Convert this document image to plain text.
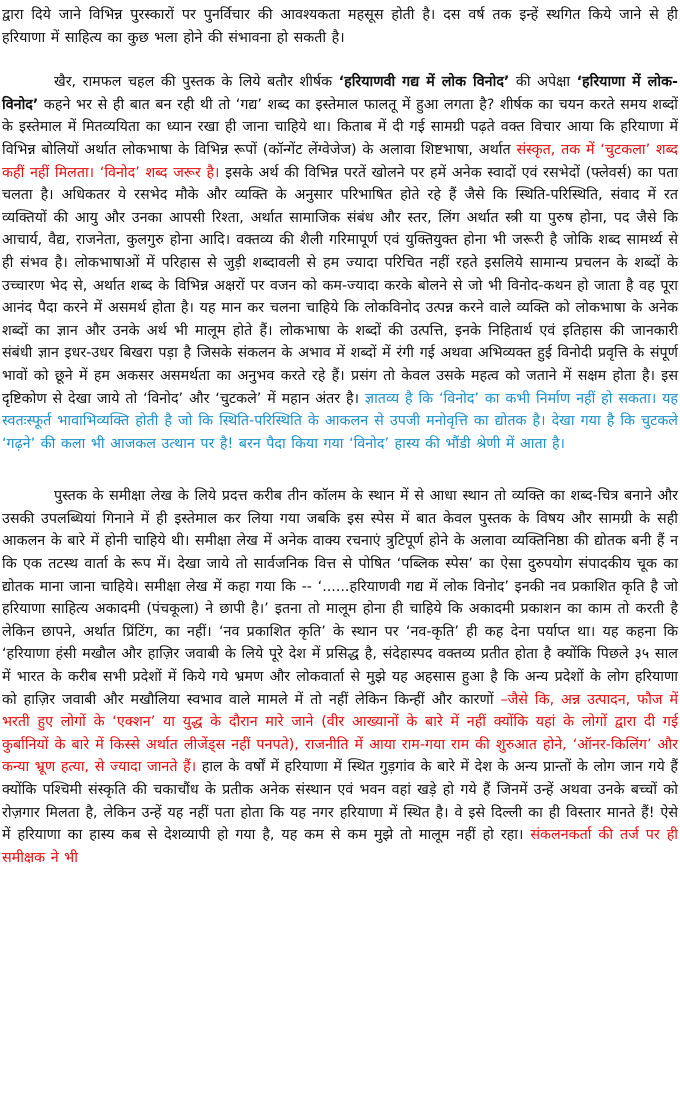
द्वारा दिये जाने विभिन्न पुरस्कारों पर पुनर्विचार की आवश्यकता महसूस होती है। दस वर्ष तक इन्हें स्थगित किये जाने से ही हरियाणा में साहित्य का कुछ भला होने की संभावना हो सकती है।

खैर, रामफल चहल की पुस्तक के लिये बतौर शीर्षक ‘हरियाणवी गद्य में लोक विनोद’ की अपेक्षा ‘हरियाणा में लोक-विनोद’ कहने भर से ही बात बन रही थी तो ‘गद्य’ शब्द का इस्तेमाल फालतू में हुआ लगता है? शीर्षक का चयन करते समय शब्दों के इस्तेमाल में मितव्ययिता का ध्यान रखा ही जाना चाहिये था। किताब में दी गई सामग्री पढ़ते वक्त विचार आया कि हरियाणा में विभिन्न बोलियों अर्थात लोकभाषा के विभिन्न रूपों (कॉन्गेंट लेंग्वेजेज) के अलावा शिष्टभाषा, अर्थात संस्कृत, तक में ‘चुटकला’ शब्द कहीं नहीं मिलता। ‘विनोद’ शब्द जरूर है। इसके अर्थ की विभिन्न परतें खोलने पर हमें अनेक स्वादों एवं रसभेदों (फ्लेवर्स) का पता चलता है। अधिकतर ये रसभेद मौके और व्यक्ति के अनुसार परिभाषित होते रहे हैं जैसे कि स्थिति-परिस्थिति, संवाद में रत व्यक्तियों की आयु और उनका आपसी रिश्ता, अर्थात सामाजिक संबंध और स्तर, लिंग अर्थात स्त्री या पुरुष होना, पद जैसे कि आचार्य, वैद्य, राजनेता, कुलगुरु होना आदि। वक्तव्य की शैली गरिमापूर्ण एवं युक्तियुक्त होना भी जरूरी है जोकि शब्द सामर्थ्य से ही संभव है। लोकभाषाओं में परिहास से जुड़ी शब्दावली से हम ज्यादा परिचित नहीं रहते इसलिये सामान्य प्रचलन के शब्दों के उच्चारण भेद से, अर्थात शब्द के विभिन्न अक्षरों पर वजन को कम-ज्यादा करके बोलने से जो भी विनोद-कथन हो जाता है वह पूरा आनंद पैदा करने में असमर्थ होता है। यह मान कर चलना चाहिये कि लोकविनोद उत्पन्न करने वाले व्यक्ति को लोकभाषा के अनेक शब्दों का ज्ञान और उनके अर्थ भी मालूम होते हैं। लोकभाषा के शब्दों की उत्पत्ति, इनके निहितार्थ एवं इतिहास की जानकारी संबंधी ज्ञान इधर-उधर बिखरा पड़ा है जिसके संकलन के अभाव में शब्दों में रंगी गई अथवा अभिव्यक्त हुई विनोदी प्रवृत्ति के संपूर्ण भावों को छूने में हम अकसर असमर्थता का अनुभव करते रहे हैं। प्रसंग तो केवल उसके महत्व को जताने में सक्षम होता है। इस दृष्टिकोण से देखा जाये तो ‘विनोद’ और ‘चुटकले’ में महान अंतर है। ज्ञातव्य है कि ‘विनोद’ का कभी निर्माण नहीं हो सकता। यह स्वतःस्फूर्त भावाभिव्यक्ति होती है जो कि स्थिति-परिस्थिति के आकलन से उपजी मनोवृत्ति का द्योतक है। देखा गया है कि चुटकले ‘गढ़ने’ की कला भी आजकल उत्थान पर है! बरन पैदा किया गया ‘विनोद’ हास्य की भौंडी श्रेणी में आता है।

पुस्तक के समीक्षा लेख के लिये प्रदत्त करीब तीन कॉलम के स्थान में से आधा स्थान तो व्यक्ति का शब्द-चित्र बनाने और उसकी उपलब्धियां गिनाने में ही इस्तेमाल कर लिया गया जबकि इस स्पेस में बात केवल पुस्तक के विषय और सामग्री के सही आकलन के बारे में होनी चाहिये थी। समीक्षा लेख में अनेक वाक्य रचनाएं त्रुटिपूर्ण होने के अलावा व्यक्तिनिष्ठा की द्योतक बनी हैं न कि एक तटस्थ वार्ता के रूप में। देखा जाये तो सार्वजनिक वित्त से पोषित ‘पब्लिक स्पेस’ का ऐसा दुरुपयोग संपादकीय चूक का द्योतक माना जाना चाहिये। समीक्षा लेख में कहा गया कि -- ‘......हरियाणवी गद्य में लोक विनोद’ इनकी नव प्रकाशित कृति है जो हरियाणा साहित्य अकादमी (पंचकूला) ने छापी है।’ इतना तो मालूम होना ही चाहिये कि अकादमी प्रकाशन का काम तो करती है लेकिन छापने, अर्थात प्रिंटिंग, का नहीं। ‘नव प्रकाशित कृति’ के स्थान पर ‘नव-कृति’ ही कह देना पर्याप्त था। यह कहना कि ‘हरियाणा हंसी मखौल और हाज़िर जवाबी के लिये पूरे देश में प्रसिद्ध है, संदेहास्पद वक्तव्य प्रतीत होता है क्योंकि पिछले ३५ साल में भारत के करीब सभी प्रदेशों में किये गये भ्रमण और लोकवार्ता से मुझे यह अहसास हुआ है कि अन्य प्रदेशों के लोग हरियाणा को हाज़िर जवाबी और मखौलिया स्वभाव वाले मामले में तो नहीं लेकिन किन्हीं और कारणों –जैसे कि, अन्न उत्पादन, फौज में भरती हुए लोगों के ‘एक्शन’ या युद्ध के दौरान मारे जाने (वीर आख्यानों के बारे में नहीं क्योंकि यहां के लोगों द्वारा दी गई कुर्बानियों के बारे में किस्से अर्थात लीजेंड्स नहीं पनपते), राजनीति में आया राम-गया राम की शुरुआत होने, ‘ऑनर-किलिंग’ और कन्या भ्रूण हत्या, से ज्यादा जानते हैं। हाल के वर्षों में हरियाणा में स्थित गुड़गांव के बारे में देश के अन्य प्रान्तों के लोग जान गये हैं क्योंकि पश्चिमी संस्कृति की चकाचौंध के प्रतीक अनेक संस्थान एवं भवन वहां खड़े हो गये हैं जिनमें उन्हें अथवा उनके बच्चों को रोज़गार मिलता है, लेकिन उन्हें यह नहीं पता होता कि यह नगर हरियाणा में स्थित है। वे इसे दिल्ली का ही विस्तार मानते हैं! ऐसे में हरियाणा का हास्य कब से देशव्यापी हो गया है, यह कम से कम मुझे तो मालूम नहीं हो रहा। संकलनकर्ता की तर्ज पर ही समीक्षक ने भी
